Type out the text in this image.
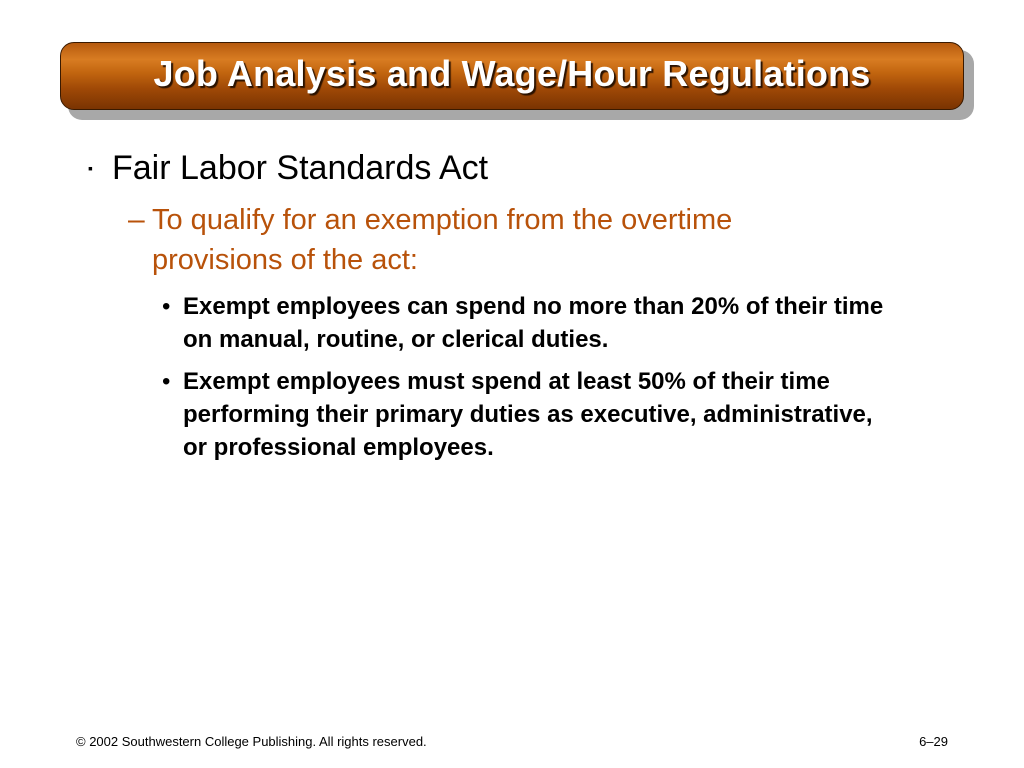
Job Analysis and Wage/Hour Regulations
▪ Fair Labor Standards Act
– To qualify for an exemption from the overtime provisions of the act:
• Exempt employees can spend no more than 20% of their time on manual, routine, or clerical duties.
• Exempt employees must spend at least 50% of their time performing their primary duties as executive, administrative, or professional employees.
© 2002 Southwestern College Publishing. All rights reserved.	6–29
